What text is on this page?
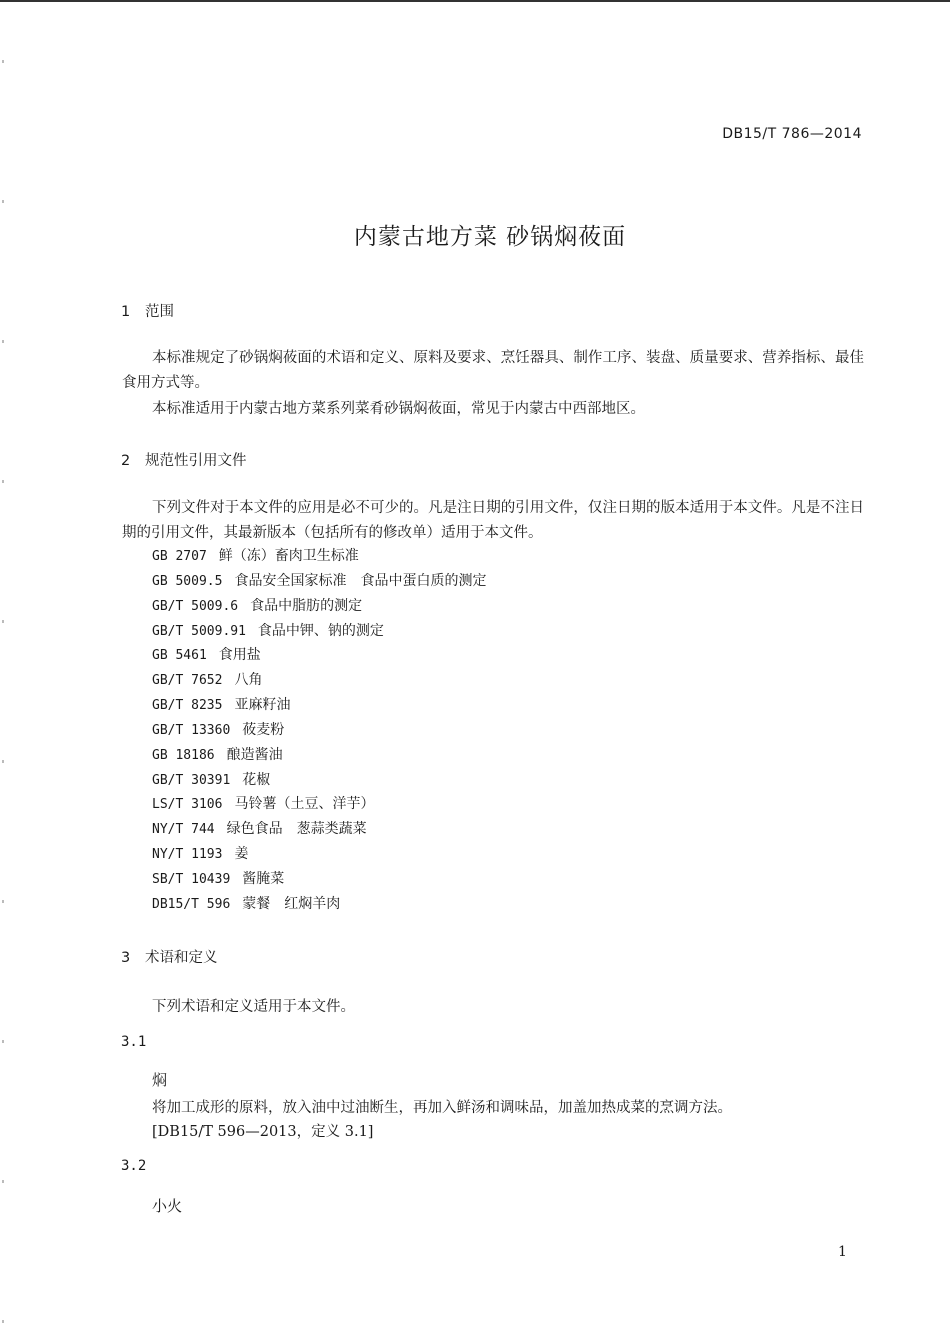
DB15/T 786—2014
内蒙古地方菜 砂锅焖莜面
1 范围
本标准规定了砂锅焖莜面的术语和定义、原料及要求、烹饪器具、制作工序、装盘、质量要求、营养指标、最佳食用方式等。
本标准适用于内蒙古地方菜系列菜肴砂锅焖莜面，常见于内蒙古中西部地区。
2 规范性引用文件
下列文件对于本文件的应用是必不可少的。凡是注日期的引用文件，仅注日期的版本适用于本文件。凡是不注日期的引用文件，其最新版本（包括所有的修改单）适用于本文件。
GB 2707 鲜（冻）畜肉卫生标准
GB 5009.5 食品安全国家标准　食品中蛋白质的测定
GB/T 5009.6 食品中脂肪的测定
GB/T 5009.91 食品中钾、钠的测定
GB 5461 食用盐
GB/T 7652 八角
GB/T 8235 亚麻籽油
GB/T 13360 莜麦粉
GB 18186 酿造酱油
GB/T 30391 花椒
LS/T 3106 马铃薯（土豆、洋芋）
NY/T 744 绿色食品　葱蒜类蔬菜
NY/T 1193 姜
SB/T 10439 酱腌菜
DB15/T 596 蒙餐　红焖羊肉
3 术语和定义
下列术语和定义适用于本文件。
3.1
焖
将加工成形的原料，放入油中过油断生，再加入鲜汤和调味品，加盖加热成菜的烹调方法。
[DB15/T 596—2013，定义 3.1]
3.2
小火
1
